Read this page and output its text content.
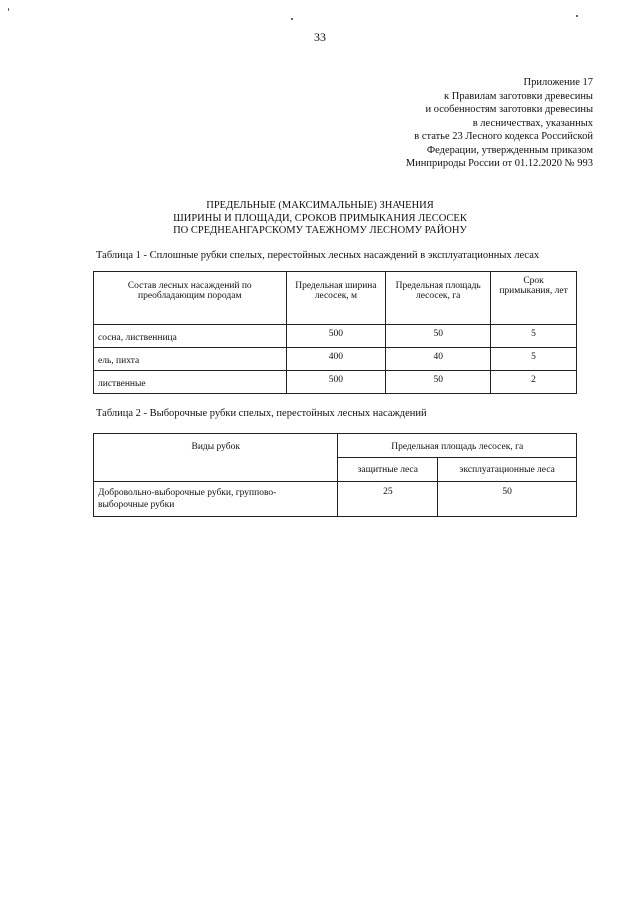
33
Приложение 17
к Правилам заготовки древесины
и особенностям заготовки древесины
в лесничествах, указанных
в статье 23 Лесного кодекса Российской
Федерации, утвержденным приказом
Минприроды России от 01.12.2020 № 993
ПРЕДЕЛЬНЫЕ (МАКСИМАЛЬНЫЕ) ЗНАЧЕНИЯ
ШИРИНЫ И ПЛОЩАДИ, СРОКОВ ПРИМЫКАНИЯ ЛЕСОСЕК
ПО СРЕДНЕАНГАРСКОМУ ТАЕЖНОМУ ЛЕСНОМУ РАЙОНУ
Таблица 1 - Сплошные рубки спелых, перестойных лесных насаждений в эксплуатационных лесах
Состав лесных насаждений по преобладающим породам	Предельная ширина лесосек, м	Предельная площадь лесосек, га	Срок примыкания, лет
сосна, лиственница	500	50	5
ель, пихта	400	40	5
лиственные	500	50	2
Таблица 2 - Выборочные рубки спелых, перестойных лесных насаждений
Виды рубок	Предельная площадь лесосек, га	
	защитные леса	эксплуатационные леса
Добровольно-выборочные рубки, группово-выборочные рубки	25	50
